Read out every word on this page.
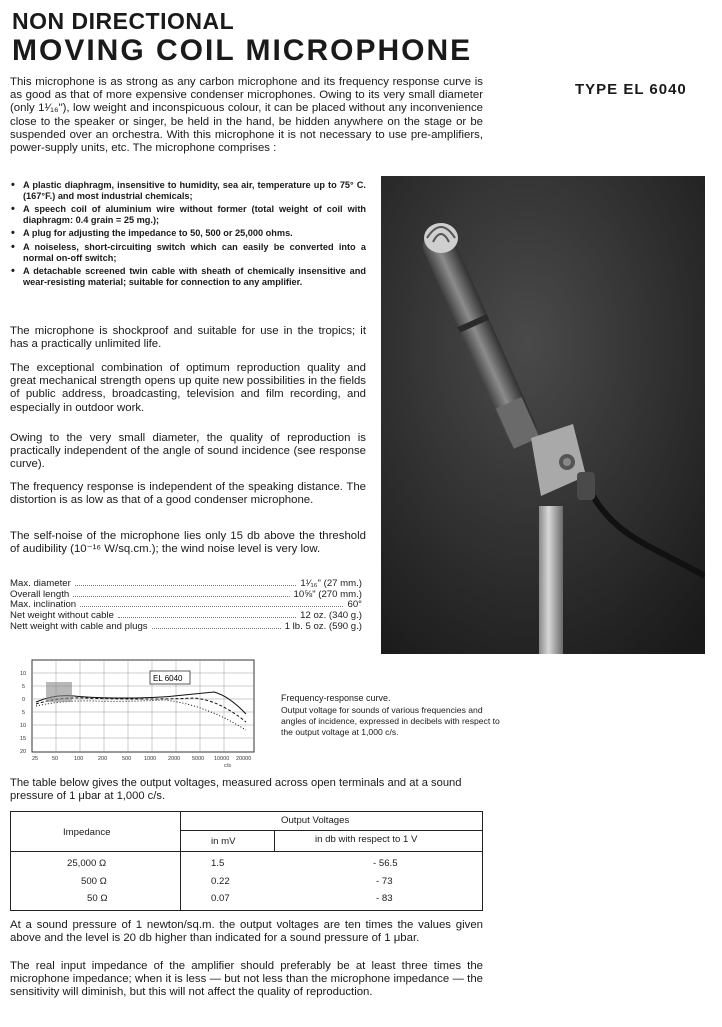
NON DIRECTIONAL
MOVING COIL MICROPHONE
TYPE EL 6040
This microphone is as strong as any carbon microphone and its frequency response curve is as good as that of more expensive condenser microphones. Owing to its very small diameter (only 1¹⁄₁₆"), low weight and inconspicuous colour, it can be placed without any inconvenience close to the speaker or singer, be held in the hand, be hidden anywhere on the stage or be suspended over an orchestra. With this microphone it is not necessary to use pre-amplifiers, power-supply units, etc. The microphone comprises :
• A plastic diaphragm, insensitive to humidity, sea air, temperature up to 75° C. (167°F.) and most industrial chemicals;
• A speech coil of aluminium wire without former (total weight of coil with diaphragm: 0.4 grain = 25 mg.);
• A plug for adjusting the impedance to 50, 500 or 25,000 ohms.
• A noiseless, short-circuiting switch which can easily be converted into a normal on-off switch;
• A detachable screened twin cable with sheath of chemically insensitive and wear-resisting material; suitable for connection to any amplifier.
The microphone is shockproof and suitable for use in the tropics; it has a practically unlimited life.
The exceptional combination of optimum reproduction quality and great mechanical strength opens up quite new possibilities in the fields of public address, broadcasting, television and film recording, and especially in outdoor work.
Owing to the very small diameter, the quality of reproduction is practically independent of the angle of sound incidence (see response curve).
The frequency response is independent of the speaking distance. The distortion is as low as that of a good condenser microphone.
The self-noise of the microphone lies only 15 db above the threshold of audibility (10⁻¹⁶ W/sq.cm.); the wind noise level is very low.
Max. diameter	1¹⁄₁₆" (27 mm.)
Overall length	10⅝" (270 mm.)
Max. inclination	60°
Net weight without cable	12 oz. (340 g.)
Nett weight with cable and plugs	1 lb. 5 oz. (590 g.)
EL 6040
25	50	100	200	500 1000 2000 5000 10000 20000
c/s
10
5
0
5
10
15
20
Frequency-response curve.
Output voltage for sounds of various frequencies and angles of incidence, expressed in decibels with respect to the output voltage at 1,000 c/s.
The table below gives the output voltages, measured across open terminals and at a sound pressure of 1 μbar at 1,000 c/s.
Impedance
Output Voltages
in mV	in db with respect to 1 V
25,000 Ω	1.5	- 56.5
500 Ω	0.22	- 73
50 Ω	0.07	- 83
At a sound pressure of 1 newton/sq.m. the output voltages are ten times the values given above and the level is 20 db higher than indicated for a sound pressure of 1 μbar.
The real input impedance of the amplifier should preferably be at least three times the microphone impedance; when it is less — but not less than the microphone impedance — the sensitivity will diminish, but this will not affect the quality of reproduction.
